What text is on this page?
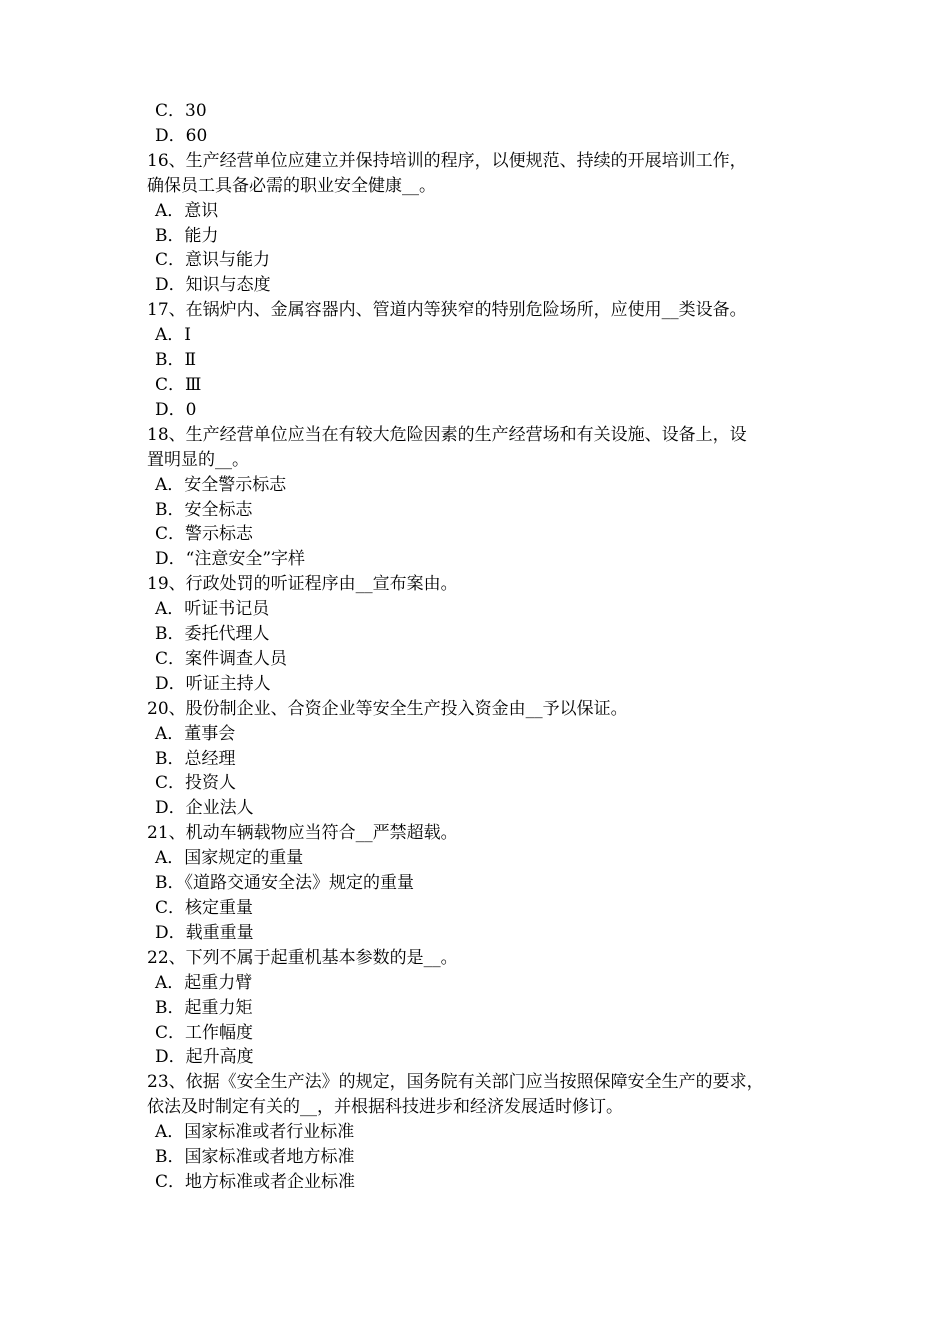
C．30
D．60
16、生产经营单位应建立并保持培训的程序，以便规范、持续的开展培训工作，
确保员工具备必需的职业安全健康__。
A．意识
B．能力
C．意识与能力
D．知识与态度
17、在锅炉内、金属容器内、管道内等狭窄的特别危险场所，应使用__类设备。
A．Ⅰ
B．Ⅱ
C．Ⅲ
D．0
18、生产经营单位应当在有较大危险因素的生产经营场和有关设施、设备上，设
置明显的__。
A．安全警示标志
B．安全标志
C．警示标志
D．“注意安全”字样
19、行政处罚的听证程序由__宣布案由。
A．听证书记员
B．委托代理人
C．案件调查人员
D．听证主持人
20、股份制企业、合资企业等安全生产投入资金由__予以保证。
A．董事会
B．总经理
C．投资人
D．企业法人
21、机动车辆载物应当符合__严禁超载。
A．国家规定的重量
B．《道路交通安全法》规定的重量
C．核定重量
D．载重重量
22、下列不属于起重机基本参数的是__。
A．起重力臂
B．起重力矩
C．工作幅度
D．起升高度
23、依据《安全生产法》的规定，国务院有关部门应当按照保障安全生产的要求，
依法及时制定有关的__，并根据科技进步和经济发展适时修订。
A．国家标准或者行业标准
B．国家标准或者地方标准
C．地方标准或者企业标准
